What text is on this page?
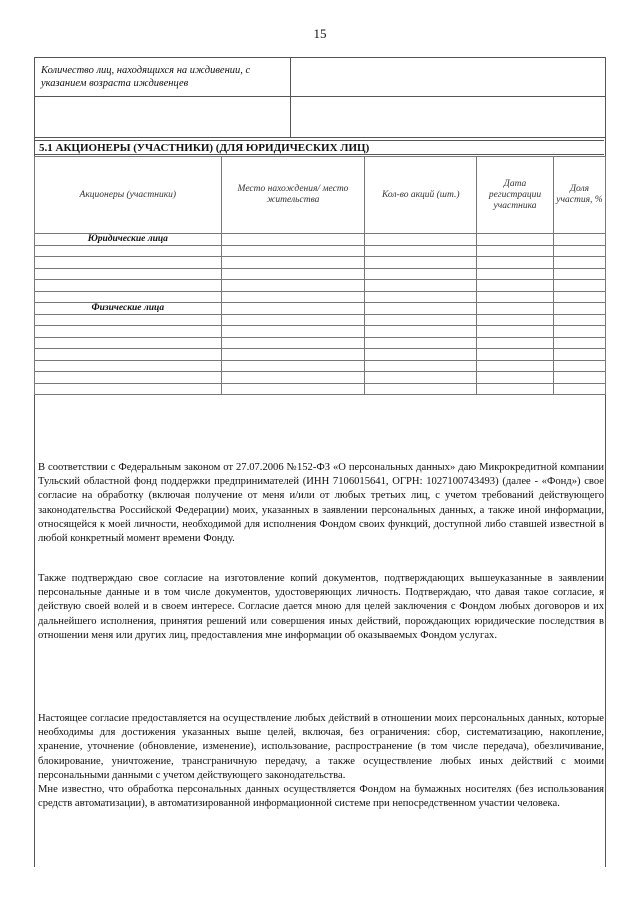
15
Количество лиц, находящихся на иждивении, с указанием возраста иждивенцев	

5.1 АКЦИОНЕРЫ (УЧАСТНИКИ) (ДЛЯ ЮРИДИЧЕСКИХ ЛИЦ)
Акционеры (участники)	Место нахождения/ место жительства	Кол-во акций (шт.)	Дата регистрации участника	Доля участия, %
Юридические лица				

Физические лица				

В соответствии с Федеральным законом от 27.07.2006 №152-ФЗ «О персональных данных» даю Микрокредитной компании Тульский областной фонд поддержки предпринимателей (ИНН 7106015641, ОГРН: 1027100743493) (далее - «Фонд») свое согласие на обработку (включая получение от меня и/или от любых третьих лиц, с учетом требований действующего законодательства Российской Федерации) моих, указанных в заявлении персональных данных, а также иной информации, относящейся к моей личности, необходимой для исполнения Фондом своих функций, доступной либо ставшей известной в любой конкретный момент времени Фонду.

Также подтверждаю свое согласие на изготовление копий документов, подтверждающих вышеуказанные в заявлении персональные данные и в том числе документов, удостоверяющих личность. Подтверждаю, что давая такое согласие, я действую своей волей и в своем интересе. Согласие дается мною для целей заключения с Фондом любых договоров и их дальнейшего исполнения, принятия решений или совершения иных действий, порождающих юридические последствия в отношении меня или других лиц, предоставления мне информации об оказываемых Фондом услугах.

Настоящее согласие предоставляется на осуществление любых действий в отношении моих персональных данных, которые необходимы для достижения указанных выше целей, включая, без ограничения: сбор, систематизацию, накопление, хранение, уточнение (обновление, изменение), использование, распространение (в том числе передача), обезличивание, блокирование, уничтожение, трансграничную передачу, а также осуществление любых иных действий с моими персональными данными с учетом действующего законодательства.
Мне известно, что обработка персональных данных осуществляется Фондом на бумажных носителях (без использования средств автоматизации), в автоматизированной информационной системе при непосредственном участии человека.
